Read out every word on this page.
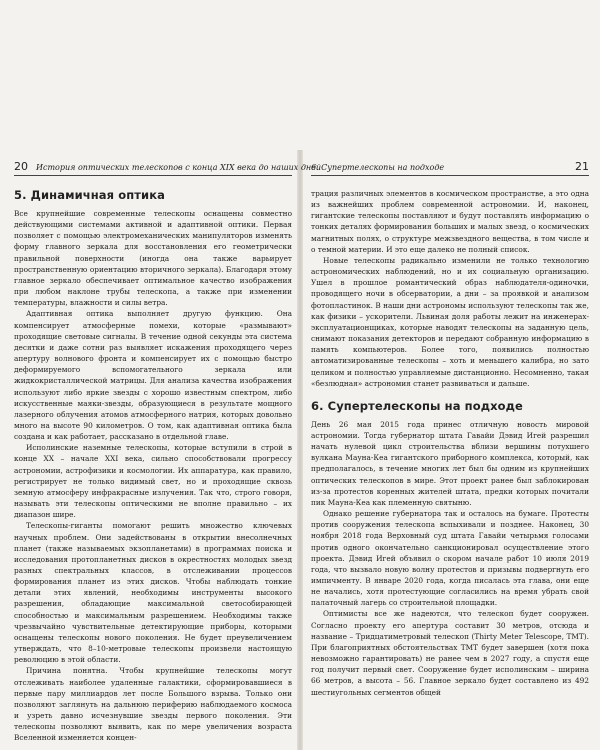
20 История оптических телескопов с конца XIX века до наших дней
5. Динамичная оптика

Все крупнейшие современные телескопы оснащены совместно действующими системами активной и адаптивной оптики. Первая позволяет с помощью электромеханических манипуляторов изменять форму главного зеркала для восстановления его геометрически правильной поверхности (иногда она также варьирует пространственную ориентацию вторичного зеркала). Благодаря этому главное зеркало обеспечивает оптимальное качество изображения при любом наклоне трубы телескопа, а также при изменении температуры, влажности и силы ветра.

Адаптивная оптика выполняет другую функцию. Она компенсирует атмосферные помехи, которые «размывают» проходящие световые сигналы. В течение одной секунды эта система десятки и даже сотни раз выявляет искажения проходящего через апертуру волнового фронта и компенсирует их с помощью быстро деформируемого вспомогательного зеркала или жидкокристаллической матрицы. Для анализа качества изображения используют либо яркие звезды с хорошо известным спектром, либо искусственные маяки-звезды, образующиеся в результате мощного лазерного облучения атомов атмосферного натрия, которых довольно много на высоте 90 километров. О том, как адаптивная оптика была создана и как работает, рассказано в отдельной главе.

Исполинские наземные телескопы, которые вступили в строй в конце XX – начале XXI века, сильно способствовали прогрессу астрономии, астрофизики и космологии. Их аппаратура, как правило, регистрирует не только видимый свет, но и проходящие сквозь земную атмосферу инфракрасные излучения. Так что, строго говоря, называть эти телескопы оптическими не вполне правильно – их диапазон шире.

Телескопы-гиганты помогают решить множество ключевых научных проблем. Они задействованы в открытии внесолнечных планет (также называемых экзопланетами) в программах поиска и исследования протопланетных дисков в окрестностях молодых звезд разных спектральных классов, в отслеживании процессов формирования планет из этих дисков. Чтобы наблюдать тонкие детали этих явлений, необходимы инструменты высокого разрешения, обладающие максимальной светособирающей способностью и максимальным разрешением. Необходимы также чрезвычайно чувствительные детектирующие приборы, которыми оснащены телескопы нового поколения. Не будет преувеличением утверждать, что 8–10-метровые телескопы произвели настоящую революцию в этой области.

Причина понятна. Чтобы крупнейшие телескопы могут отслеживать наиболее удаленные галактики, сформировавшиеся в первые пару миллиардов лет после Большого взрыва. Только они позволяют заглянуть на дальнюю периферию наблюдаемого космоса и узреть давно исчезнувшие звезды первого поколения. Эти телескопы позволяют выявить, как по мере увеличения возраста Вселенной изменяется концен-

6. Супертелескопы на подходе	21

трация различных элементов в космическом пространстве, а это одна из важнейших проблем современной астрономии. И, наконец, гигантские телескопы поставляют и будут поставлять информацию о тонких деталях формирования больших и малых звезд, о космических магнитных полях, о структуре межзвездного вещества, в том числе и о темной материи. И это еще далеко не полный список.

Новые телескопы радикально изменили не только технологию астрономических наблюдений, но и их социальную организацию. Ушел в прошлое романтический образ наблюдателя-одиночки, проводящего ночи в обсерватории, а дни – за проявкой и анализом фотопластинок. В наши дни астрономы используют телескопы так же, как физики – ускорители. Львиная доля работы лежит на инженерах-эксплуатационщиках, которые наводят телескопы на заданную цель, снимают показания детекторов и передают собранную информацию в память компьютеров. Более того, появились полностью автоматизированные телескопы – хоть и меньшего калибра, но зато целиком и полностью управляемые дистанционно. Несомненно, такая «безлюдная» астрономия станет развиваться и дальше.

6. Супертелескопы на подходе

День 26 мая 2015 года принес отличную новость мировой астрономии. Тогда губернатор штата Гавайи Дэвид Игей разрешил начать нулевой цикл строительства вблизи вершины потухшего вулкана Мауна-Кеа гигантского приборного комплекса, который, как предполагалось, в течение многих лет был бы одним из крупнейших оптических телескопов в мире. Этот проект ранее был заблокирован из-за протестов коренных жителей штата, предки которых почитали пик Мауна-Кеа как племенную святыню.

Однако решение губернатора так и осталось на бумаге. Протесты против сооружения телескопа вспыхивали и позднее. Наконец, 30 ноября 2018 года Верховный суд штата Гавайи четырьмя голосами против одного окончательно санкционировал осуществление этого проекта. Дэвид Игей объявил о скором начале работ 10 июля 2019 года, что вызвало новую волну протестов и призывы подвергнуть его импичменту. В январе 2020 года, когда писалась эта глава, они еще не начались, хотя протестующие согласились на время убрать свой палаточный лагерь со строительной площадки.

Оптимисты все же надеются, что телескоп будет сооружен. Согласно проекту его апертура составит 30 метров, отсюда и название – Тридцатиметровый телескоп (Thirty Meter Telescope, TMT). При благоприятных обстоятельствах TMT будет завершен (хотя пока невозможно гарантировать) не ранее чем в 2027 году, а спустя еще год получит первый свет. Сооружение будет исполинским – ширина 66 метров, а высота – 56. Главное зеркало будет составлено из 492 шестиугольных сегментов общей
